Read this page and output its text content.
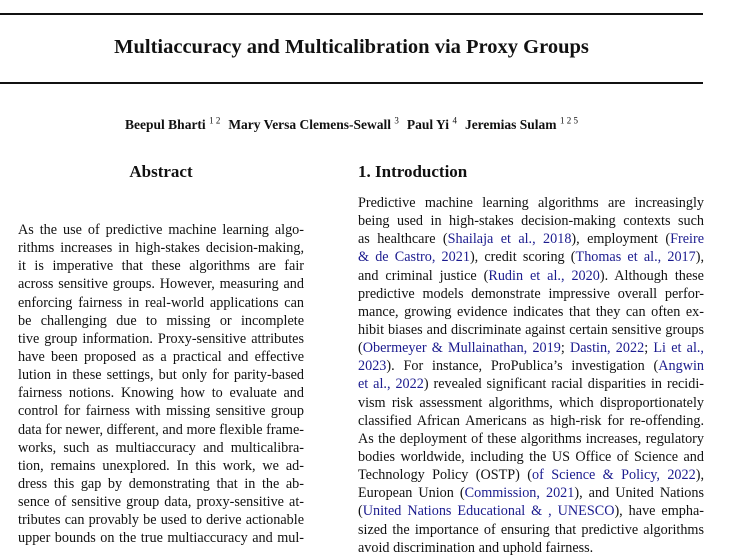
Multiaccuracy and Multicalibration via Proxy Groups
Beepul Bharti $^{1 2}$ Mary Versa Clemens-Sewall $^3$ Paul Yi $^4$ Jeremias Sulam $^{1 2 5}$
Abstract	1. Introduction
As the use of predictive machine learning algo-
rithms increases in high-stakes decision-making,
it is imperative that these algorithms are fair
across sensitive groups. However, measuring and
enforcing fairness in real-world applications can
be challenging due to missing or incomplete
tive group information. Proxy-sensitive attributes
have been proposed as a practical and effective
lution in these settings, but only for parity-based
fairness notions. Knowing how to evaluate and
control for fairness with missing sensitive group
data for newer, different, and more flexible frame-
works, such as multiaccuracy and multicalibra-
tion, remains unexplored. In this work, we ad-
dress this gap by demonstrating that in the ab-
sence of sensitive group data, proxy-sensitive at-
tributes can provably be used to derive actionable
upper bounds on the true multiaccuracy and mul-
Predictive machine learning algorithms are increasingly
being used in high-stakes decision-making contexts such
as healthcare (Shailaja et al., 2018), employment (Freire
& de Castro, 2021), credit scoring (Thomas et al., 2017),
and criminal justice (Rudin et al., 2020). Although these
predictive models demonstrate impressive overall perfor-
mance, growing evidence indicates that they can often ex-
hibit biases and discriminate against certain sensitive groups
(Obermeyer & Mullainathan, 2019; Dastin, 2022; Li et al.,
2023). For instance, ProPublica’s investigation (Angwin
et al., 2022) revealed significant racial disparities in recidi-
vism risk assessment algorithms, which disproportionately
classified African Americans as high-risk for re-offending.
As the deployment of these algorithms increases, regulatory
bodies worldwide, including the US Office of Science and
Technology Policy (OSTP) (of Science & Policy, 2022),
European Union (Commission, 2021), and United Nations
(United Nations Educational & , UNESCO), have empha-
sized the importance of ensuring that predictive algorithms
avoid discrimination and uphold fairness.
